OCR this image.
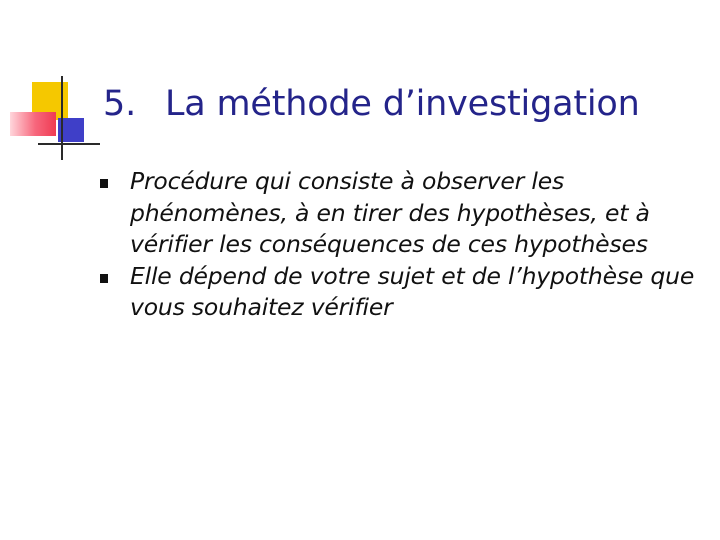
5. La méthode d’investigation
Procédure qui consiste à observer les phénomènes, à en tirer des hypothèses, et à vérifier les conséquences de ces hypothèses
Elle dépend de votre sujet et de l’hypothèse que vous souhaitez vérifier
